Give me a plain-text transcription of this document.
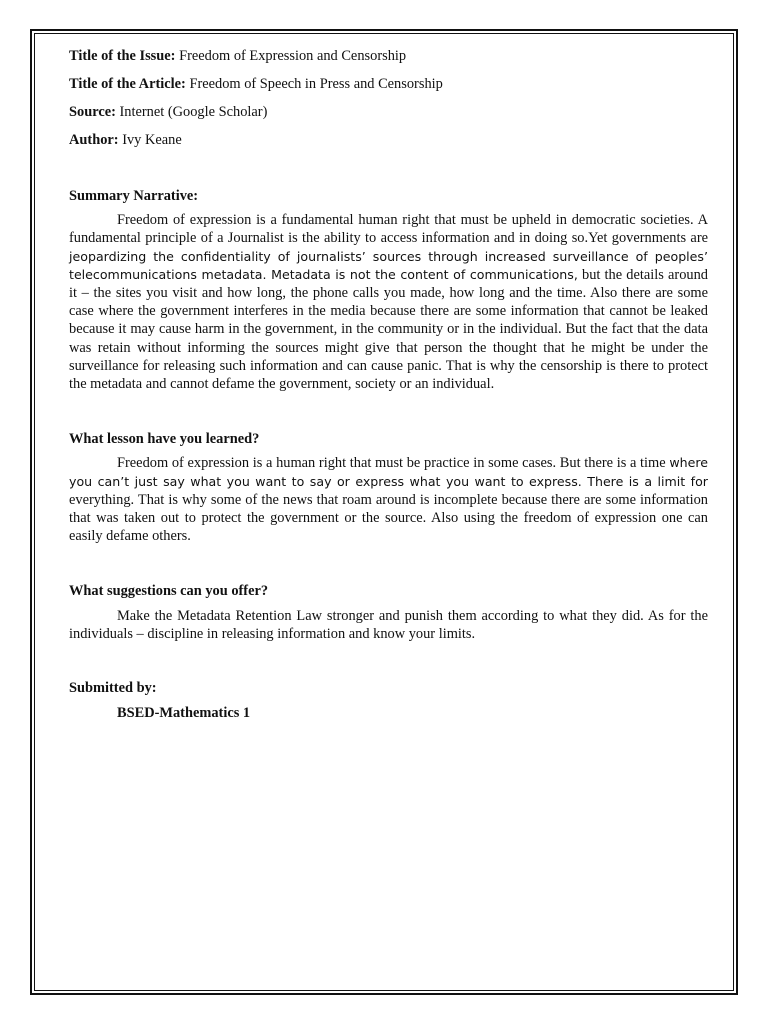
Title of the Issue: Freedom of Expression and Censorship

Title of the Article: Freedom of Speech in Press and Censorship

Source: Internet (Google Scholar)

Author: Ivy Keane

Summary Narrative:

Freedom of expression is a fundamental human right that must be upheld in democratic societies. A fundamental principle of a Journalist is the ability to access information and in doing so.Yet governments are jeopardizing the confidentiality of journalists’ sources through increased surveillance of peoples’ telecommunications metadata. Metadata is not the content of communications, but the details around it – the sites you visit and how long, the phone calls you made, how long and the time. Also there are some case where the government interferes in the media because there are some information that cannot be leaked because it may cause harm in the government, in the community or in the individual. But the fact that the data was retain without informing the sources might give that person the thought that he might be under the surveillance for releasing such information and can cause panic. That is why the censorship is there to protect the metadata and cannot defame the government, society or an individual.

What lesson have you learned?

Freedom of expression is a human right that must be practice in some cases. But there is a time where you can’t just say what you want to say or express what you want to express. There is a limit for everything. That is why some of the news that roam around is incomplete because there are some information that was taken out to protect the government or the source. Also using the freedom of expression one can easily defame others.

What suggestions can you offer?

Make the Metadata Retention Law stronger and punish them according to what they did. As for the individuals – discipline in releasing information and know your limits.

Submitted by:

BSED-Mathematics 1
